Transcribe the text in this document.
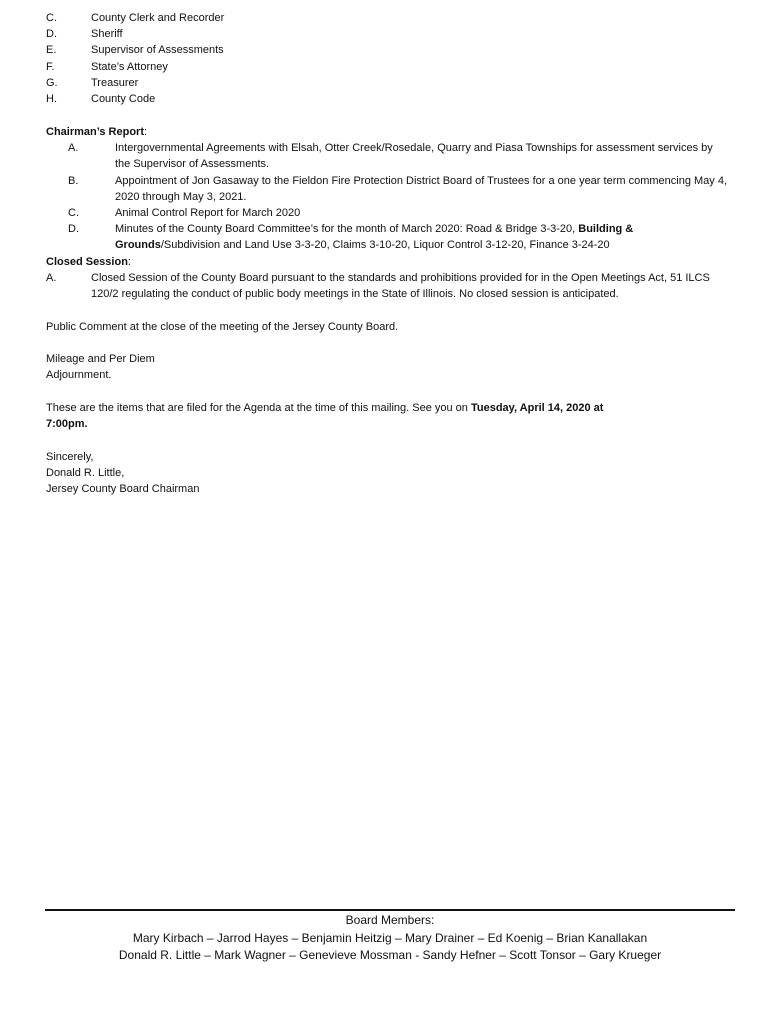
C.	County Clerk and Recorder
D.	Sheriff
E.	Supervisor of Assessments
F.	State’s Attorney
G.	Treasurer
H.	County Code
Chairman’s Report:
A.	Intergovernmental Agreements with Elsah, Otter Creek/Rosedale, Quarry and Piasa Townships for assessment services by the Supervisor of Assessments.
B.	Appointment of Jon Gasaway to the Fieldon Fire Protection District Board of Trustees for a one year term commencing May 4, 2020 through May 3, 2021.
C.	Animal Control Report for March 2020
D.	Minutes of the County Board Committee’s for the month of March 2020: Road & Bridge 3-3-20, Building & Grounds/Subdivision and Land Use 3-3-20, Claims 3-10-20, Liquor Control 3-12-20, Finance 3-24-20
Closed Session:
A.	Closed Session of the County Board pursuant to the standards and prohibitions provided for in the Open Meetings Act, 51 ILCS 120/2 regulating the conduct of public body meetings in the State of Illinois. No closed session is anticipated.
Public Comment at the close of the meeting of the Jersey County Board.
Mileage and Per Diem
Adjournment.
These are the items that are filed for the Agenda at the time of this mailing. See you on Tuesday, April 14, 2020 at 7:00pm.
Sincerely,
Donald R. Little,
Jersey County Board Chairman
Board Members:
Mary Kirbach – Jarrod Hayes – Benjamin Heitzig – Mary Drainer – Ed Koenig – Brian Kanallakan
Donald R. Little – Mark Wagner – Genevieve Mossman - Sandy Hefner – Scott Tonsor – Gary Krueger
